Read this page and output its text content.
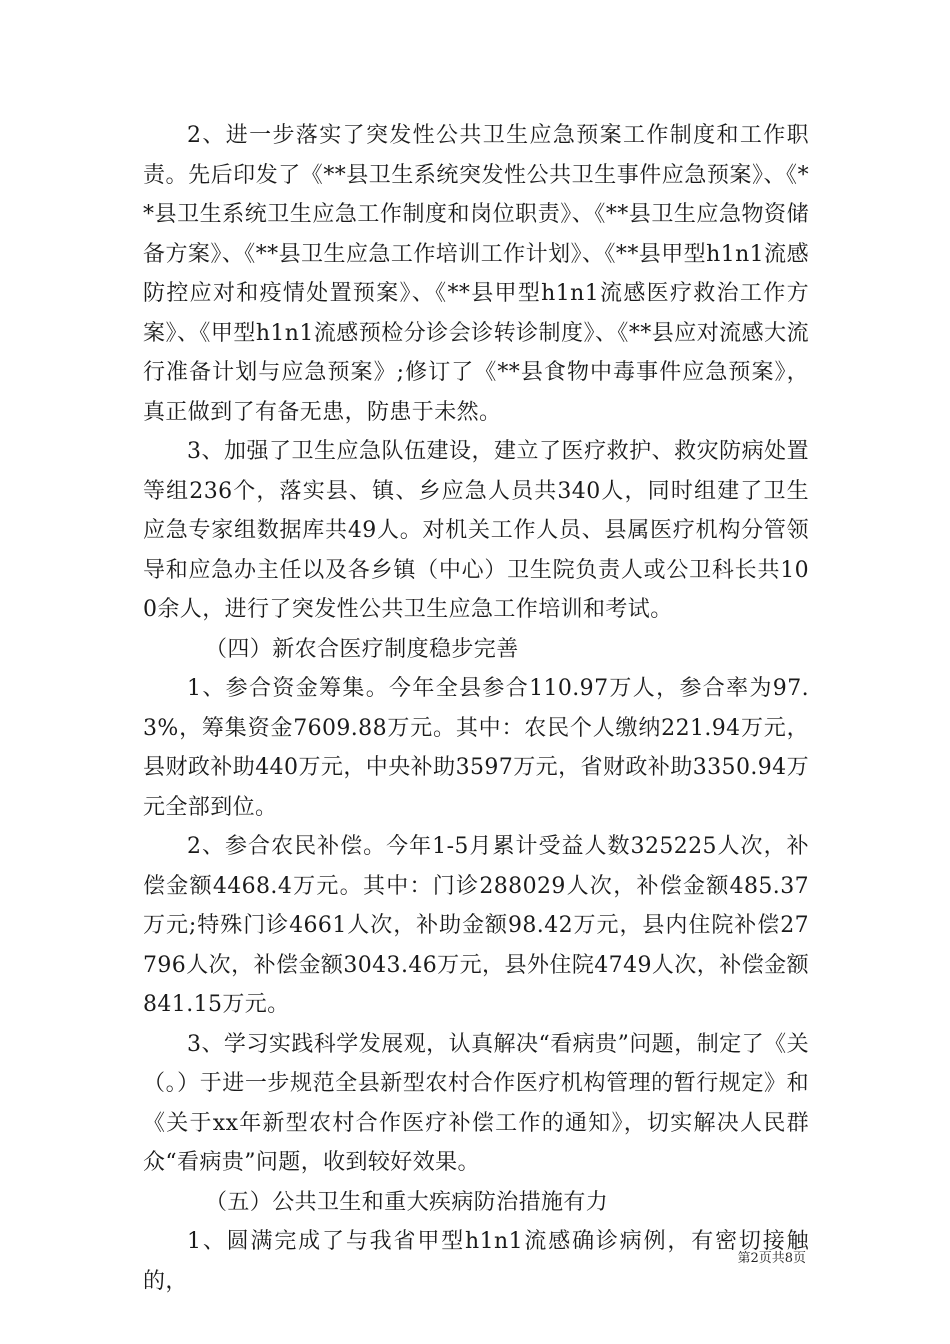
2、进一步落实了突发性公共卫生应急预案工作制度和工作职责。先后印发了《**县卫生系统突发性公共卫生事件应急预案》、《**县卫生系统卫生应急工作制度和岗位职责》、《**县卫生应急物资储备方案》、《**县卫生应急工作培训工作计划》、《**县甲型h1n1流感防控应对和疫情处置预案》、《**县甲型h1n1流感医疗救治工作方案》、《甲型h1n1流感预检分诊会诊转诊制度》、《**县应对流感大流行准备计划与应急预案》;修订了《**县食物中毒事件应急预案》，真正做到了有备无患，防患于未然。

3、加强了卫生应急队伍建设，建立了医疗救护、救灾防病处置等组236个，落实县、镇、乡应急人员共340人，同时组建了卫生应急专家组数据库共49人。对机关工作人员、县属医疗机构分管领导和应急办主任以及各乡镇（中心）卫生院负责人或公卫科长共100余人，进行了突发性公共卫生应急工作培训和考试。

（四）新农合医疗制度稳步完善

1、参合资金筹集。今年全县参合110.97万人，参合率为97.3%，筹集资金7609.88万元。其中：农民个人缴纳221.94万元，县财政补助440万元，中央补助3597万元，省财政补助3350.94万元全部到位。

2、参合农民补偿。今年1-5月累计受益人数325225人次，补偿金额4468.4万元。其中：门诊288029人次，补偿金额485.37万元;特殊门诊4661人次，补助金额98.42万元，县内住院补偿27796人次，补偿金额3043.46万元，县外住院4749人次，补偿金额841.15万元。

3、学习实践科学发展观，认真解决“看病贵”问题，制定了《关（。）于进一步规范全县新型农村合作医疗机构管理的暂行规定》和《关于xx年新型农村合作医疗补偿工作的通知》，切实解决人民群众“看病贵”问题，收到较好效果。

（五）公共卫生和重大疾病防治措施有力

1、圆满完成了与我省甲型h1n1流感确诊病例，有密切接触的，

第2页共8页
